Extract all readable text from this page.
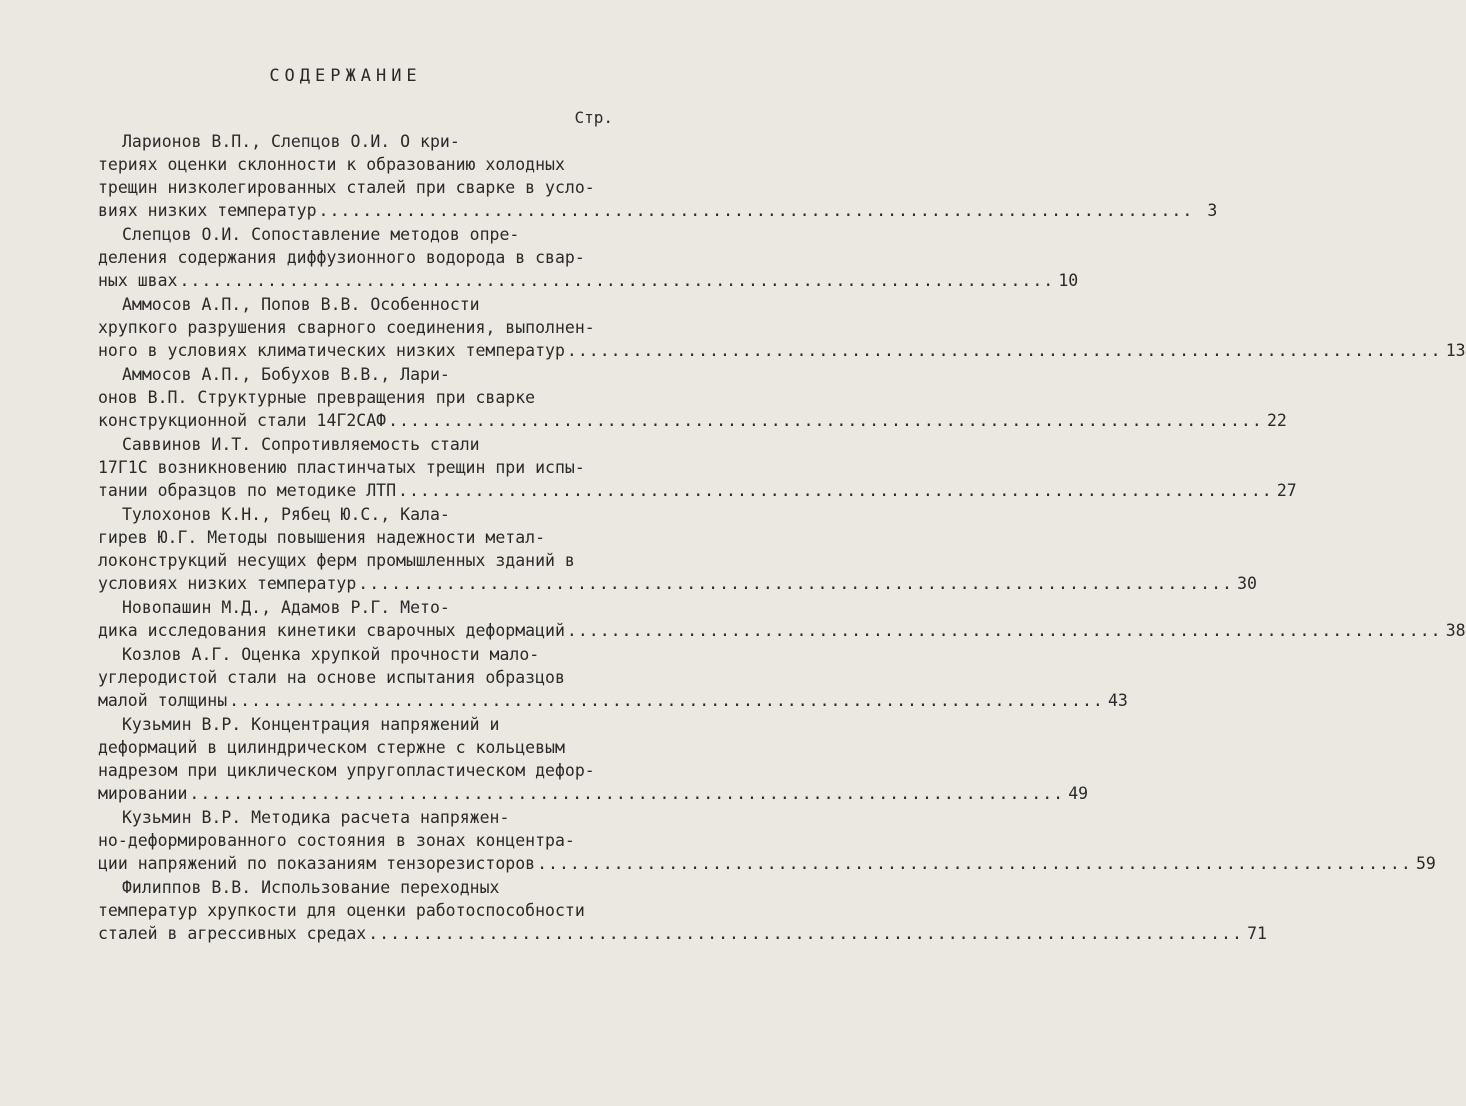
СОДЕРЖАНИЕ
Стр.
Ларионов В.П., Слепцов О.И. О кри-
териях оценки склонности к образованию холодных
трещин низколегированных сталей при сварке в усло-
виях низких температур ................................................................................ 3
Слепцов О.И. Сопоставление методов опре-
деления содержания диффузионного водорода в свар-
ных швах ................................................................................ 10
Аммосов А.П., Попов В.В. Особенности
хрупкого разрушения сварного соединения, выполнен-
ного в условиях климатических низких температур ................................................................................ 13
Аммосов А.П., Бобухов В.В., Лари-
онов В.П. Структурные превращения при сварке
конструкционной стали 14Г2САФ ................................................................................ 22
Саввинов И.Т. Сопротивляемость стали
17Г1С возникновению пластинчатых трещин при испы-
тании образцов по методике ЛТП ................................................................................ 27
Тулохонов К.Н., Рябец Ю.С., Кала-
гирев Ю.Г. Методы повышения надежности метал-
локонструкций несущих ферм промышленных зданий в
условиях низких температур ................................................................................ 30
Новопашин М.Д., Адамов Р.Г. Мето-
дика исследования кинетики сварочных деформаций ................................................................................ 38
Козлов А.Г. Оценка хрупкой прочности мало-
углеродистой стали на основе испытания образцов
малой толщины ................................................................................ 43
Кузьмин В.Р. Концентрация напряжений и
деформаций в цилиндрическом стержне с кольцевым
надрезом при циклическом упругопластическом дефор-
мировании ................................................................................ 49
Кузьмин В.Р. Методика расчета напряжен-
но-деформированного состояния в зонах концентра-
ции напряжений по показаниям тензорезисторов ................................................................................ 59
Филиппов В.В. Использование переходных
температур хрупкости для оценки работоспособности
сталей в агрессивных средах ................................................................................ 71
